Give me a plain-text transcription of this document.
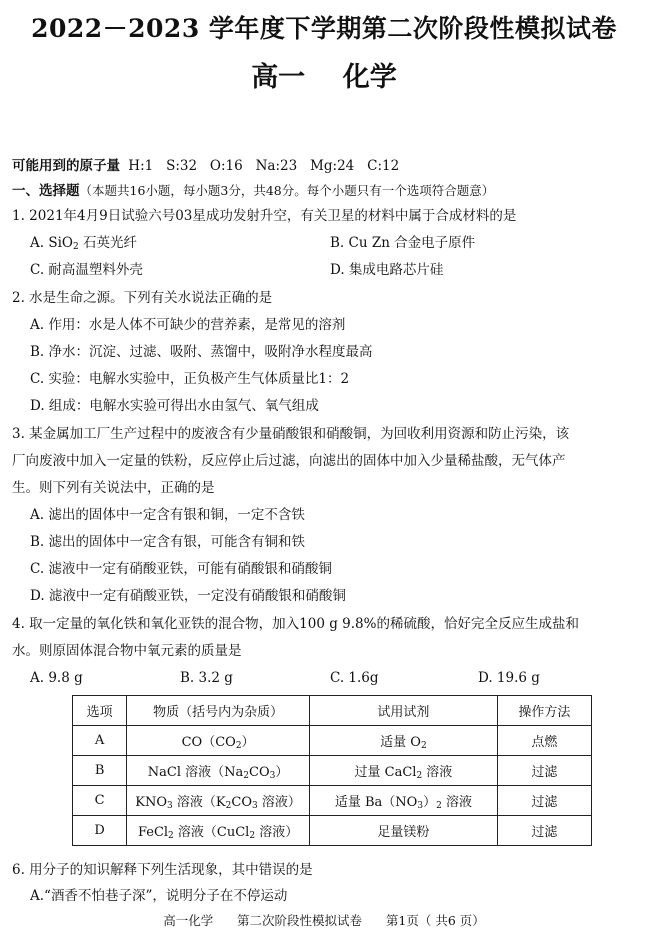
2022－2023 学年度下学期第二次阶段性模拟试卷
高一    化学
可能用到的原子量 H:1   S:32   O:16   Na:23   Mg:24   C:12
一、选择题（本题共16小题，每小题3分，共48分。每个小题只有一个选项符合题意）
1. 2021年4月9日试验六号03星成功发射升空，有关卫星的材料中属于合成材料的是
A. SiO$_2$ 石英光纤	B. Cu Zn 合金电子原件
C. 耐高温塑料外壳	D. 集成电路芯片硅
2. 水是生命之源。下列有关水说法正确的是
A. 作用：水是人体不可缺少的营养素，是常见的溶剂
B. 净水：沉淀、过滤、吸附、蒸馏中，吸附净水程度最高
C. 实验：电解水实验中，正负极产生气体质量比1：2
D. 组成：电解水实验可得出水由氢气、氧气组成
3. 某金属加工厂生产过程中的废液含有少量硝酸银和硝酸铜，为回收利用资源和防止污染，该
厂向废液中加入一定量的铁粉，反应停止后过滤，向滤出的固体中加入少量稀盐酸，无气体产
生。则下列有关说法中，正确的是
A. 滤出的固体中一定含有银和铜，一定不含铁
B. 滤出的固体中一定含有银，可能含有铜和铁
C. 滤液中一定有硝酸亚铁，可能有硝酸银和硝酸铜
D. 滤液中一定有硝酸亚铁，一定没有硝酸银和硝酸铜
4. 取一定量的氧化铁和氧化亚铁的混合物，加入100 g 9.8%的稀硫酸，恰好完全反应生成盐和
水。则原固体混合物中氧元素的质量是
A. 9.8 g	B. 3.2 g	C. 1.6g	D. 19.6 g
选项	物质（括号内为杂质）	试用试剂	操作方法
A	$CO(CO_2)$	适量 $O_2$	点燃
B	NaCl 溶液$(Na_2CO_3)$	过量 CaCl$_2$ 溶液	过滤
C	$KNO_3$ 溶液（$K_2CO_3$ 溶液）	适量 $Ba(NO_3)_2$ 溶液	过滤
D	FeCl$_2$ 溶液（CuCl$_2$ 溶液）	足量镁粉	过滤
6. 用分子的知识解释下列生活现象，其中错误的是
A.“酒香不怕巷子深”，说明分子在不停运动
高一化学      第二次阶段性模拟试卷      第1页（ 共6 页）
